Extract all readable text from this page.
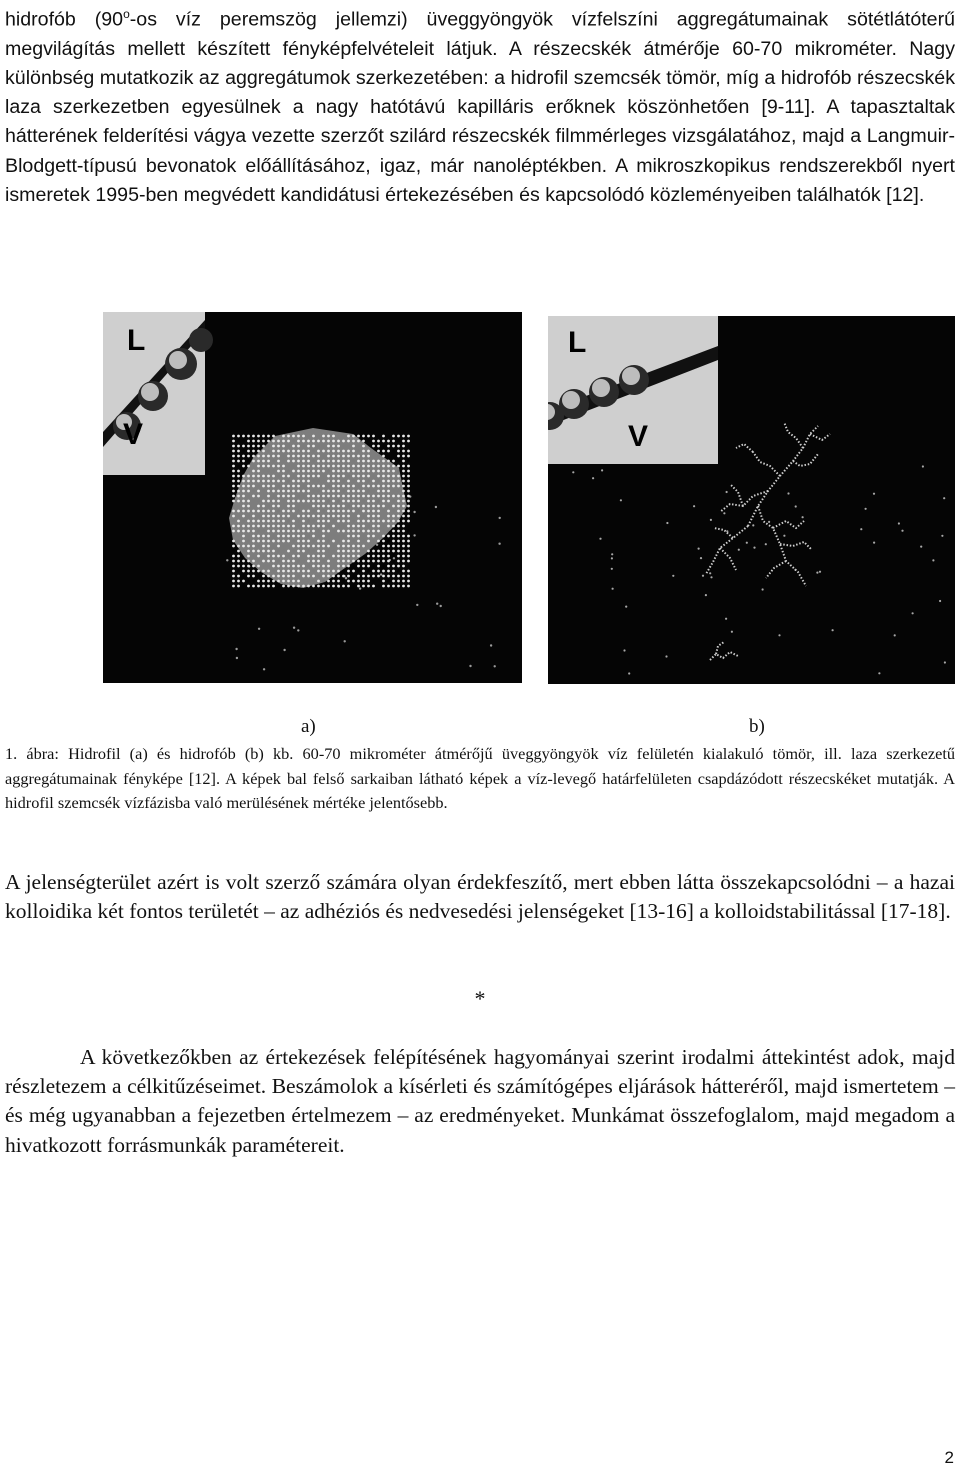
hidrofób (90$^o$-os víz peremszög jellemzi) üveggyöngyök vízfelszíni aggregátumainak sötétlátóterű megvilágítás mellett készített fényképfelvételeit látjuk. A részecskék átmérője 60-70 mikrométer. Nagy különbség mutatkozik az aggregátumok szerkezetében: a hidrofil szemcsék tömör, míg a hidrofób részecskék laza szerkezetben egyesülnek a nagy hatótávú kapilláris erőknek köszönhetően [9-11]. A tapasztaltak hátterének felderítési vágya vezette szerzőt szilárd részecskék filmmérleges vizsgálatához, majd a Langmuir-Blodgett-típusú bevonatok előállításához, igaz, már nanoléptékben. A mikroszkopikus rendszerekből nyert ismeretek 1995-ben megvédett kandidátusi értekezésében és kapcsolódó közleményeiben találhatók [12].

L
V
L
V
a)	b)

1. ábra: Hidrofil (a) és hidrofób (b) kb. 60-70 mikrométer átmérőjű üveggyöngyök víz felületén kialakuló tömör, ill. laza szerkezetű aggregátumainak fényképe [12]. A képek bal felső sarkaiban látható képek a víz-levegő határfelületen csapdázódott részecskéket mutatják. A hidrofil szemcsék vízfázisba való merülésének mértéke jelentősebb.

A jelenségterület azért is volt szerző számára olyan érdekfeszítő, mert ebben látta összekapcsolódni – a hazai kolloidika két fontos területét – az adhéziós és nedvesedési jelenségeket [13-16] a kolloidstabilitással [17-18].

*

A következőkben az értekezések felépítésének hagyományai szerint irodalmi áttekintést adok, majd részletezem a célkitűzéseimet. Beszámolok a kísérleti és számítógépes eljárások hátteréről, majd ismertetem – és még ugyanabban a fejezetben értelmezem – az eredményeket. Munkámat összefoglalom, majd megadom a hivatkozott forrásmunkák paramétereit.

2
